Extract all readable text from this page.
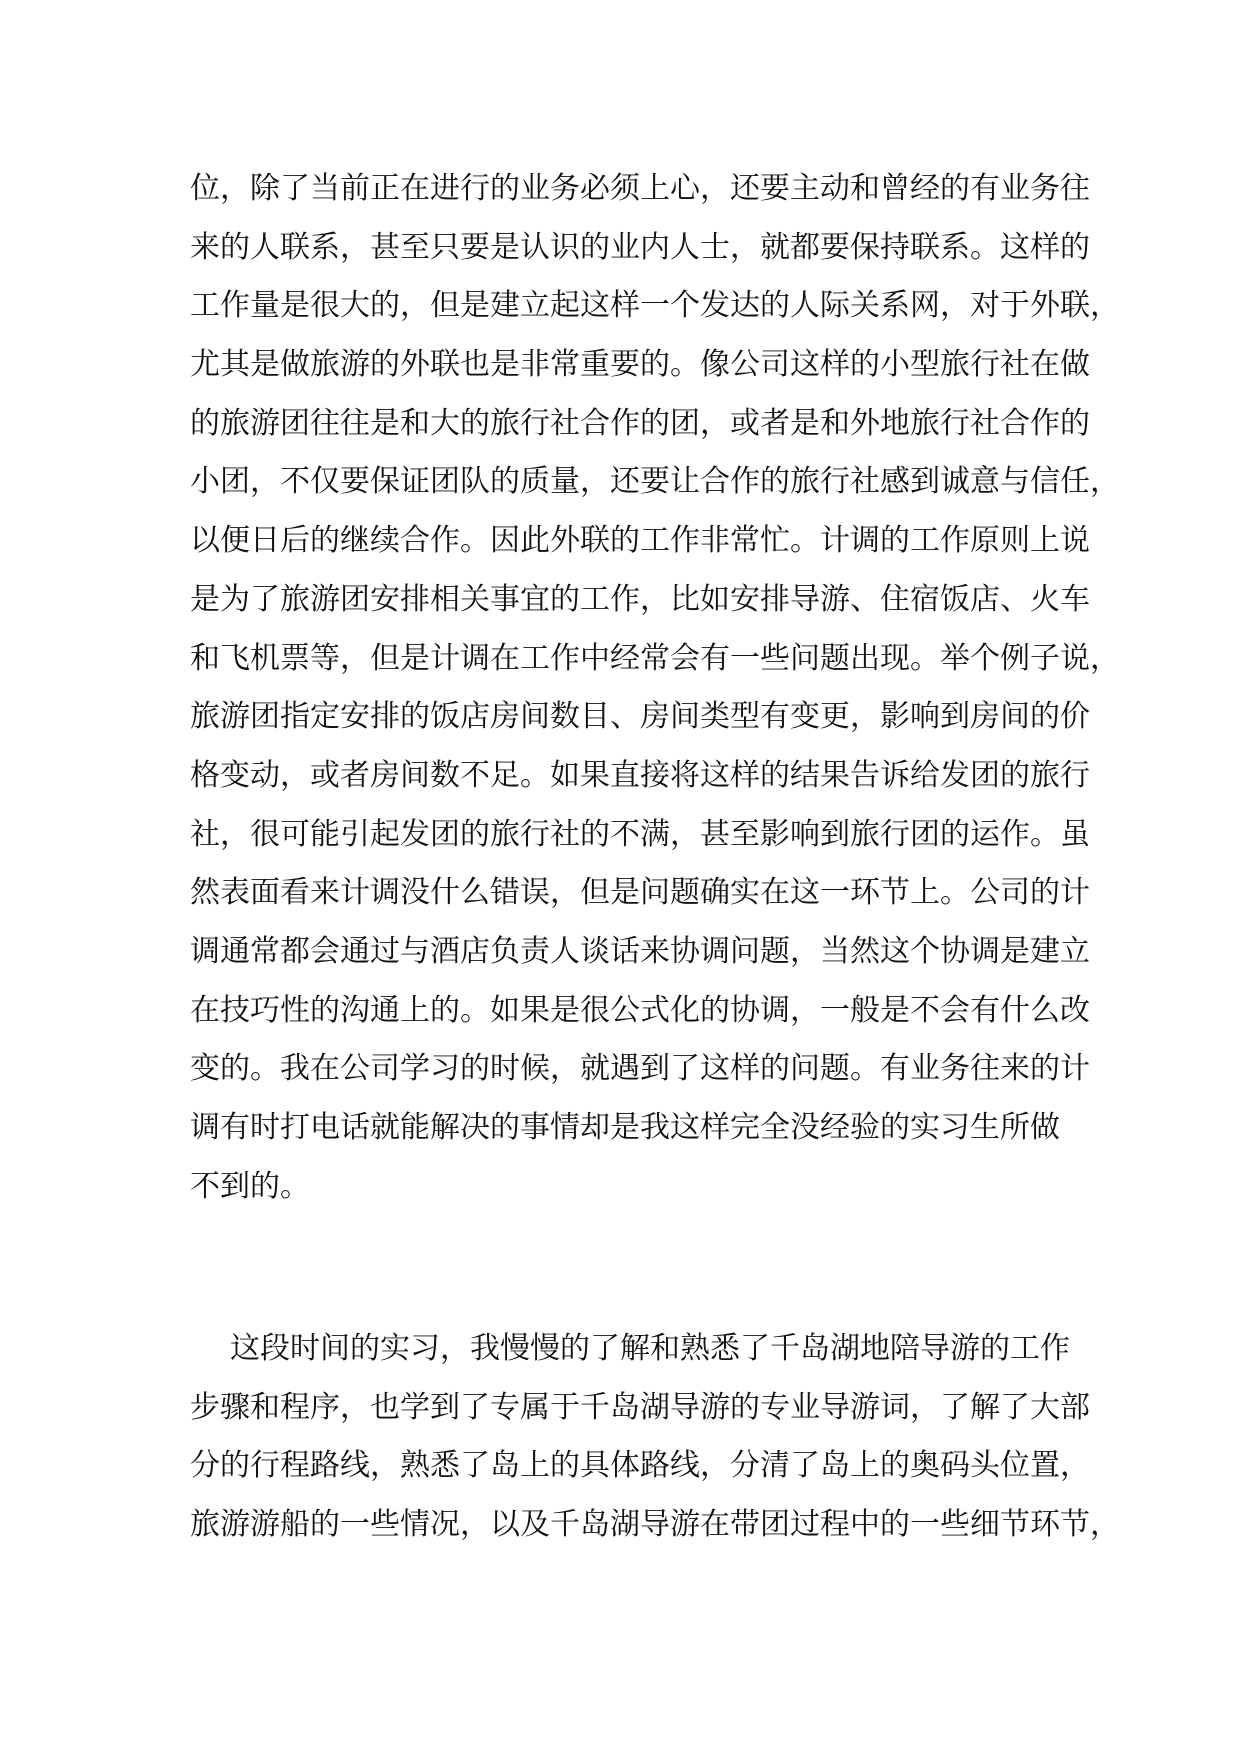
位，除了当前正在进行的业务必须上心，还要主动和曾经的有业务往
来的人联系，甚至只要是认识的业内人士，就都要保持联系。这样的
工作量是很大的，但是建立起这样一个发达的人际关系网，对于外联，
尤其是做旅游的外联也是非常重要的。像公司这样的小型旅行社在做
的旅游团往往是和大的旅行社合作的团，或者是和外地旅行社合作的
小团，不仅要保证团队的质量，还要让合作的旅行社感到诚意与信任，
以便日后的继续合作。因此外联的工作非常忙。计调的工作原则上说
是为了旅游团安排相关事宜的工作，比如安排导游、住宿饭店、火车
和飞机票等，但是计调在工作中经常会有一些问题出现。举个例子说，
旅游团指定安排的饭店房间数目、房间类型有变更，影响到房间的价
格变动，或者房间数不足。如果直接将这样的结果告诉给发团的旅行
社，很可能引起发团的旅行社的不满，甚至影响到旅行团的运作。虽
然表面看来计调没什么错误，但是问题确实在这一环节上。公司的计
调通常都会通过与酒店负责人谈话来协调问题，当然这个协调是建立
在技巧性的沟通上的。如果是很公式化的协调，一般是不会有什么改
变的。我在公司学习的时候，就遇到了这样的问题。有业务往来的计
调有时打电话就能解决的事情却是我这样完全没经验的实习生所做
不到的。
这段时间的实习，我慢慢的了解和熟悉了千岛湖地陪导游的工作
步骤和程序，也学到了专属于千岛湖导游的专业导游词，了解了大部
分的行程路线，熟悉了岛上的具体路线，分清了岛上的奥码头位置，
旅游游船的一些情况，以及千岛湖导游在带团过程中的一些细节环节，
